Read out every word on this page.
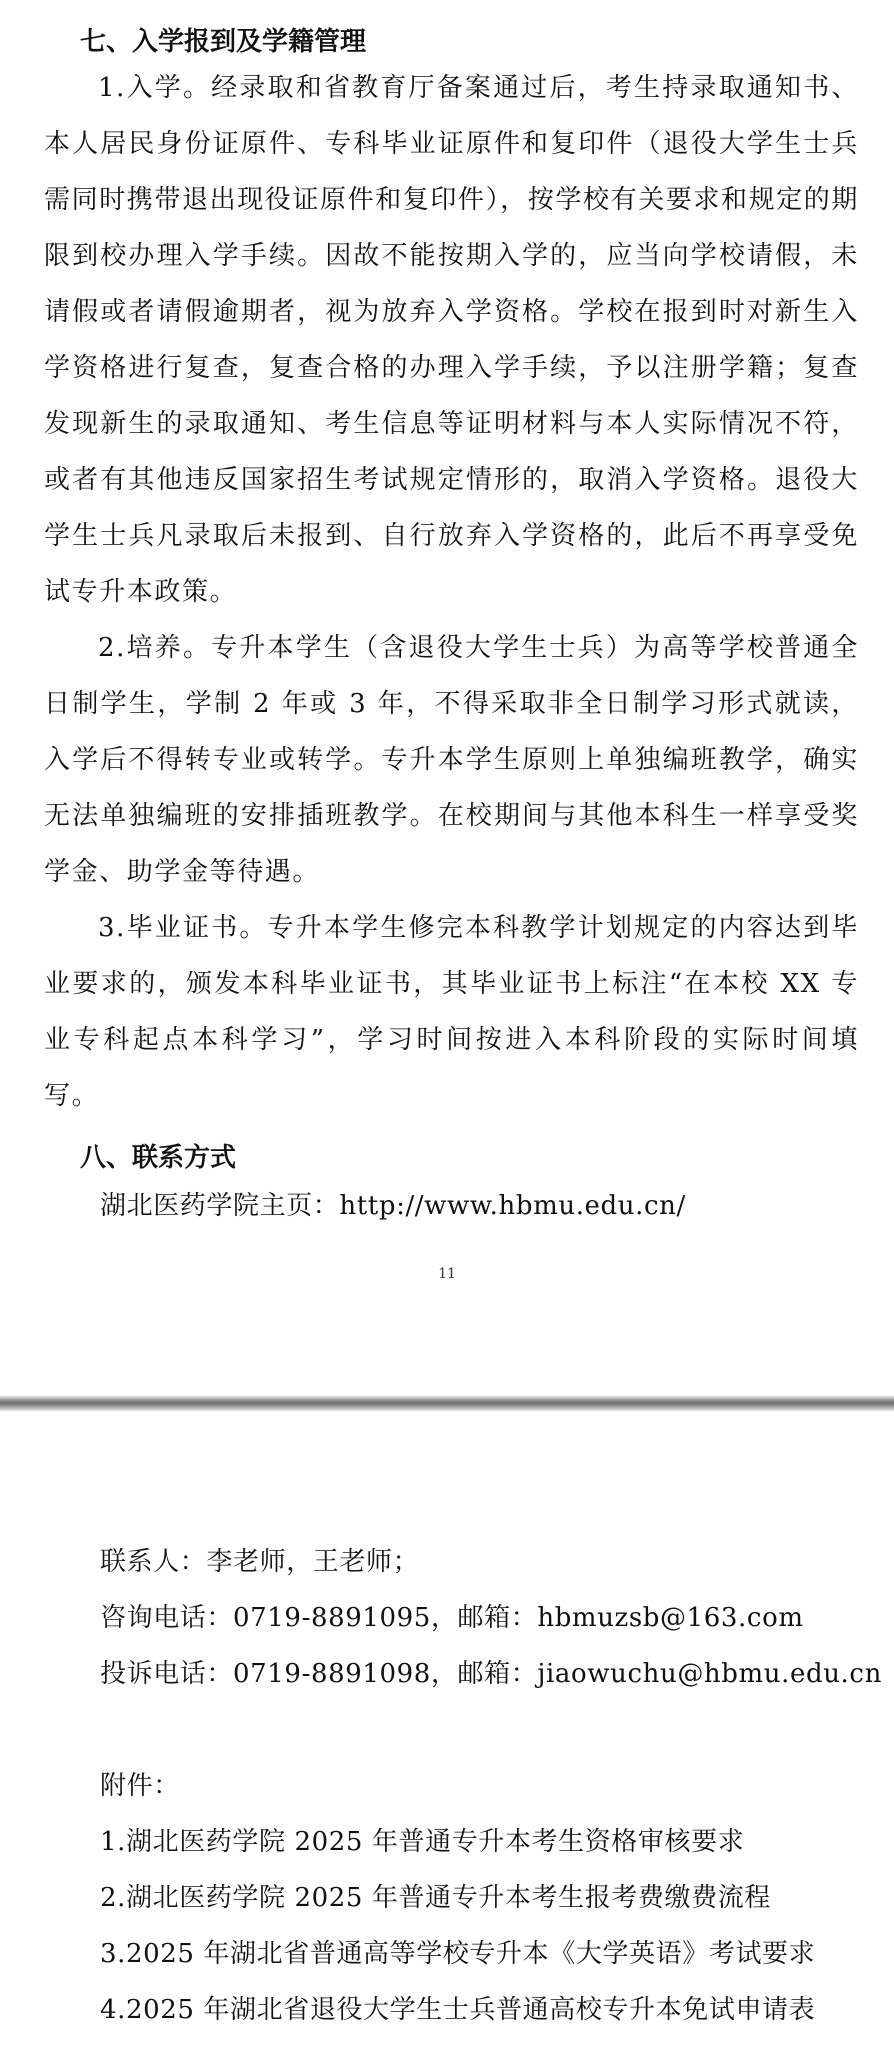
七、入学报到及学籍管理

1.入学。经录取和省教育厅备案通过后，考生持录取通知书、本人居民身份证原件、专科毕业证原件和复印件（退役大学生士兵需同时携带退出现役证原件和复印件），按学校有关要求和规定的期限到校办理入学手续。因故不能按期入学的，应当向学校请假，未请假或者请假逾期者，视为放弃入学资格。学校在报到时对新生入学资格进行复查，复查合格的办理入学手续，予以注册学籍；复查发现新生的录取通知、考生信息等证明材料与本人实际情况不符，或者有其他违反国家招生考试规定情形的，取消入学资格。退役大学生士兵凡录取后未报到、自行放弃入学资格的，此后不再享受免试专升本政策。

2.培养。专升本学生（含退役大学生士兵）为高等学校普通全日制学生，学制 2 年或 3 年，不得采取非全日制学习形式就读，入学后不得转专业或转学。专升本学生原则上单独编班教学，确实无法单独编班的安排插班教学。在校期间与其他本科生一样享受奖学金、助学金等待遇。

3.毕业证书。专升本学生修完本科教学计划规定的内容达到毕业要求的，颁发本科毕业证书，其毕业证书上标注“在本校 XX 专业专科起点本科学习”，学习时间按进入本科阶段的实际时间填写。

八、联系方式

湖北医药学院主页：http://www.hbmu.edu.cn/

11

联系人：李老师，王老师；

咨询电话：0719-8891095，邮箱：hbmuzsb@163.com

投诉电话：0719-8891098，邮箱：jiaowuchu@hbmu.edu.cn

附件：

1.湖北医药学院 2025 年普通专升本考生资格审核要求

2.湖北医药学院 2025 年普通专升本考生报考费缴费流程

3.2025 年湖北省普通高等学校专升本《大学英语》考试要求

4.2025 年湖北省退役大学生士兵普通高校专升本免试申请表
